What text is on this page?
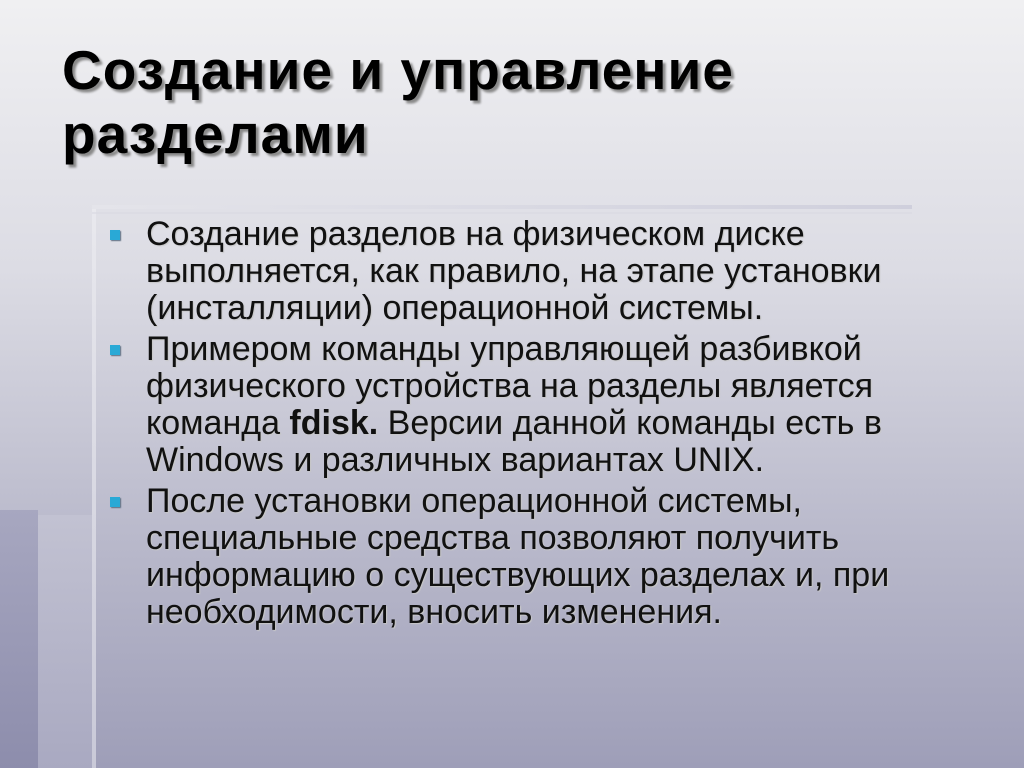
Создание и управление разделами
Создание разделов на физическом диске выполняется, как правило, на этапе установки (инсталляции) операционной системы.
Примером команды управляющей разбивкой физического устройства на разделы является команда fdisk. Версии данной команды есть в Windows и различных вариантах UNIX.
После установки операционной системы, специальные средства позволяют получить информацию о существующих разделах и, при необходимости, вносить изменения.
